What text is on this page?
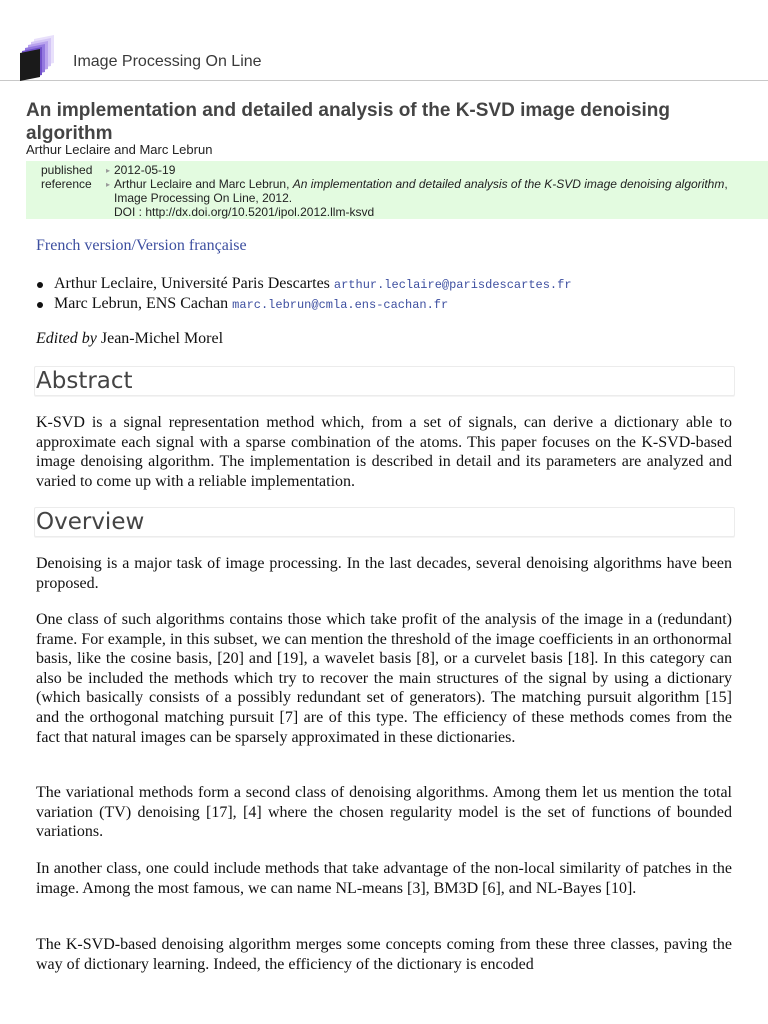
Image Processing On Line
An implementation and detailed analysis of the K-SVD image denoising algorithm
Arthur Leclaire and Marc Lebrun
published ▸ 2012-05-19
reference ▸ Arthur Leclaire and Marc Lebrun, An implementation and detailed analysis of the K-SVD image denoising algorithm, Image Processing On Line, 2012.
DOI : http://dx.doi.org/10.5201/ipol.2012.llm-ksvd
French version/Version française
Arthur Leclaire, Université Paris Descartes arthur.leclaire@parisdescartes.fr
Marc Lebrun, ENS Cachan marc.lebrun@cmla.ens-cachan.fr
Edited by Jean-Michel Morel
Abstract

K-SVD is a signal representation method which, from a set of signals, can derive a dictionary able to approximate each signal with a sparse combination of the atoms. This paper focuses on the K-SVD-based image denoising algorithm. The implementation is described in detail and its parameters are analyzed and varied to come up with a reliable implementation.

Overview

Denoising is a major task of image processing. In the last decades, several denoising algorithms have been proposed.

One class of such algorithms contains those which take profit of the analysis of the image in a (redundant) frame. For example, in this subset, we can mention the threshold of the image coefficients in an orthonormal basis, like the cosine basis, [20] and [19], a wavelet basis [8], or a curvelet basis [18]. In this category can also be included the methods which try to recover the main structures of the signal by using a dictionary (which basically consists of a possibly redundant set of generators). The matching pursuit algorithm [15] and the orthogonal matching pursuit [7] are of this type. The efficiency of these methods comes from the fact that natural images can be sparsely approximated in these dictionaries.

The variational methods form a second class of denoising algorithms. Among them let us mention the total variation (TV) denoising [17], [4] where the chosen regularity model is the set of functions of bounded variations.

In another class, one could include methods that take advantage of the non-local similarity of patches in the image. Among the most famous, we can name NL-means [3], BM3D [6], and NL-Bayes [10].

The K-SVD-based denoising algorithm merges some concepts coming from these three classes, paving the way of dictionary learning. Indeed, the efficiency of the dictionary is encoded
